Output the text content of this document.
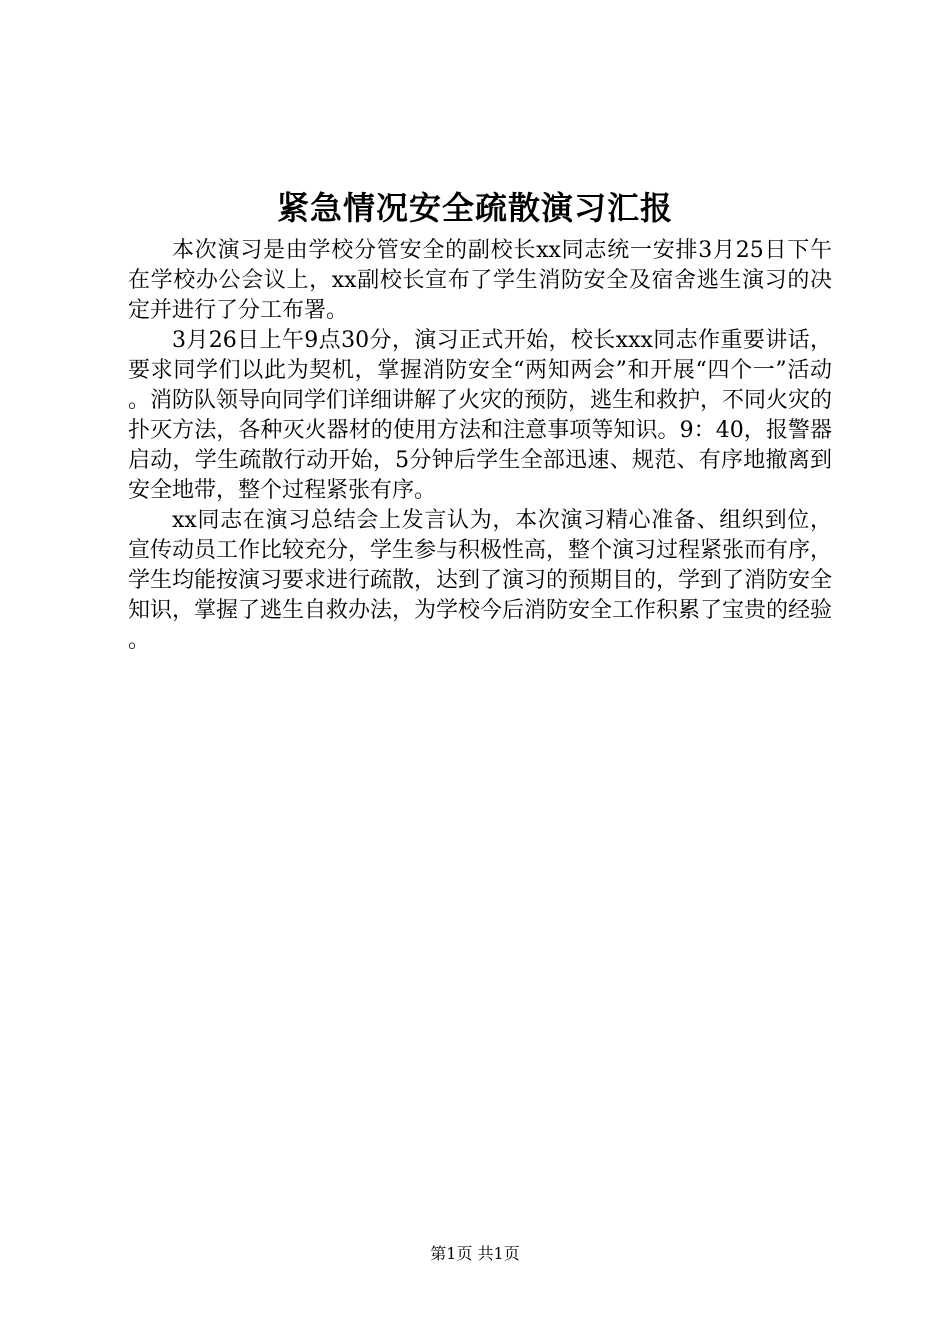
紧急情况安全疏散演习汇报

本次演习是由学校分管安全的副校长xx同志统一安排3月25日下午在学校办公会议上，xx副校长宣布了学生消防安全及宿舍逃生演习的决定并进行了分工布署。

3月26日上午9点30分，演习正式开始，校长xxx同志作重要讲话，要求同学们以此为契机，掌握消防安全“两知两会”和开展“四个一”活动。消防队领导向同学们详细讲解了火灾的预防，逃生和救护，不同火灾的扑灭方法，各种灭火器材的使用方法和注意事项等知识。9：40，报警器启动，学生疏散行动开始，5分钟后学生全部迅速、规范、有序地撤离到安全地带，整个过程紧张有序。

xx同志在演习总结会上发言认为，本次演习精心准备、组织到位，宣传动员工作比较充分，学生参与积极性高，整个演习过程紧张而有序，学生均能按演习要求进行疏散，达到了演习的预期目的，学到了消防安全知识，掌握了逃生自救办法，为学校今后消防安全工作积累了宝贵的经验。

第1页 共1页
